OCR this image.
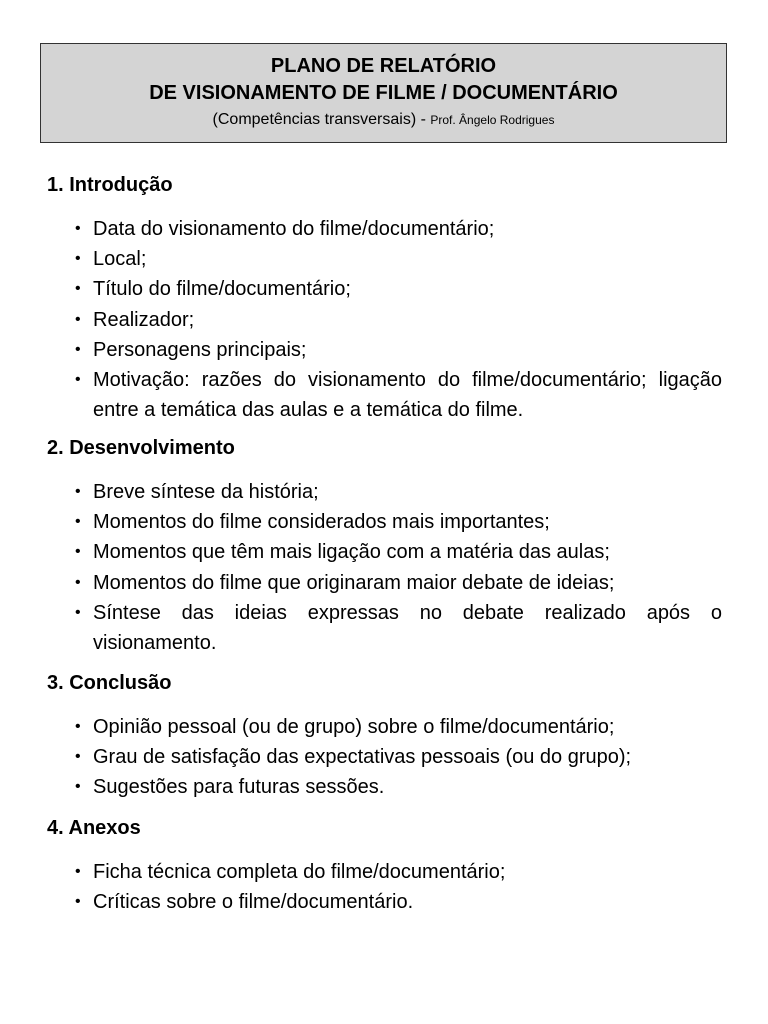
PLANO DE RELATÓRIO
DE VISIONAMENTO DE FILME / DOCUMENTÁRIO
(Competências transversais) - Prof. Ângelo Rodrigues
1. Introdução
• Data do visionamento do filme/documentário;
• Local;
• Título do filme/documentário;
• Realizador;
• Personagens principais;
• Motivação: razões do visionamento do filme/documentário; ligação entre a temática das aulas e a temática do filme.
2. Desenvolvimento
• Breve síntese da história;
• Momentos do filme considerados mais importantes;
• Momentos que têm mais ligação com a matéria das aulas;
• Momentos do filme que originaram maior debate de ideias;
• Síntese das ideias expressas no debate realizado após o visionamento.
3. Conclusão
• Opinião pessoal (ou de grupo) sobre o filme/documentário;
• Grau de satisfação das expectativas pessoais (ou do grupo);
• Sugestões para futuras sessões.
4. Anexos
• Ficha técnica completa do filme/documentário;
• Críticas sobre o filme/documentário.
